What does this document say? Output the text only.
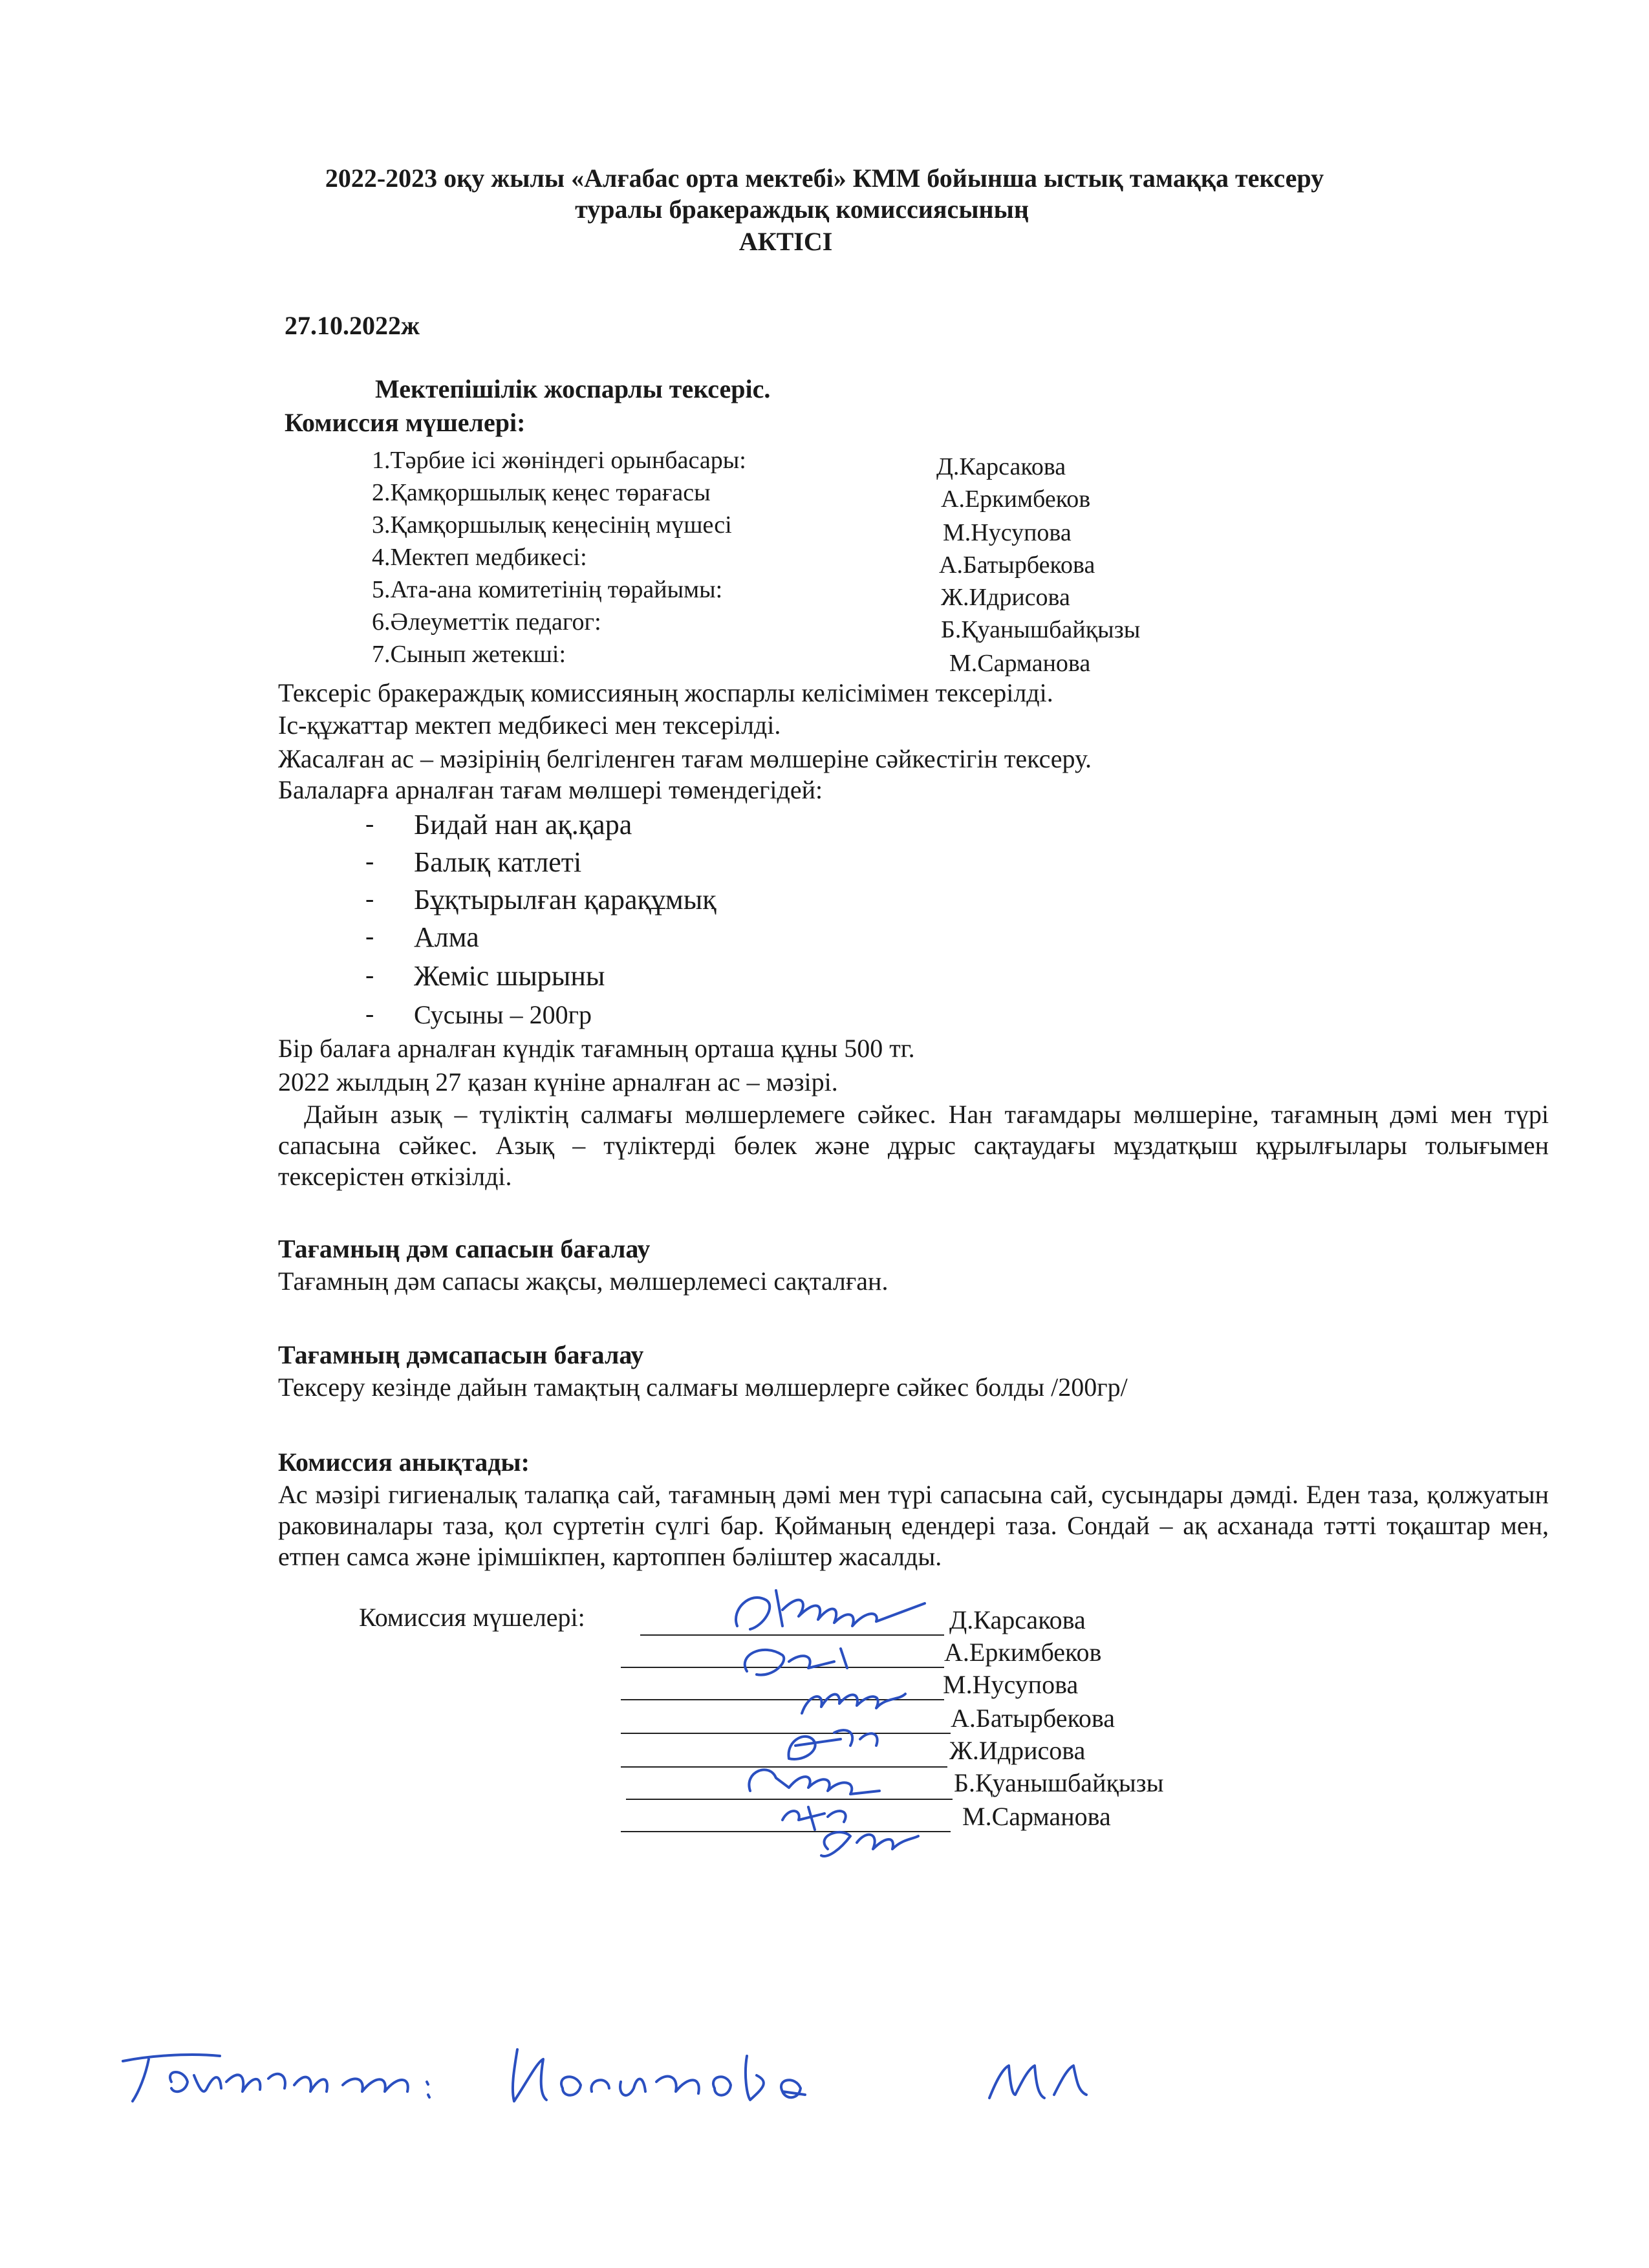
2022-2023 оқу жылы «Алғабас орта мектебі» КММ бойынша ыстық тамаққа тексеру
туралы бракераждық комиссиясының
АКТІСІ
27.10.2022ж
Мектепішілік жоспарлы тексеріс.
Комиссия мүшелері:
1.Тәрбие ісі жөніндегі орынбасары:	Д.Карсакова
2.Қамқоршылық кеңес төрағасы	А.Еркимбеков
3.Қамқоршылық кеңесінің мүшесі	М.Нусупова
4.Мектеп медбикесі:	А.Батырбекова
5.Ата-ана комитетінің төрайымы:	Ж.Идрисова
6.Әлеуметтік педагог:	Б.Қуанышбайқызы
7.Сынып жетекші:	М.Сарманова
Тексеріс бракераждық комиссияның жоспарлы келісімімен тексерілді.
Іс-құжаттар мектеп медбикесі мен тексерілді.
Жасалған ас – мәзірінің белгіленген тағам мөлшеріне сәйкестігін тексеру.
Балаларға арналған тағам мөлшері төмендегідей:
- Бидай нан ақ.қара
- Балық катлеті
- Бұқтырылған қарақұмық
- Алма
- Жеміс шырыны
- Сусыны – 200гр
Бір балаға арналған күндік тағамның орташа құны 500 тг.
2022 жылдың 27 қазан күніне арналған ас – мәзірі.
Дайын азық – түліктің салмағы мөлшерлемеге сәйкес. Нан тағамдары мөлшеріне, тағамның дәмі мен түрі сапасына сәйкес. Азық – түліктерді бөлек және дұрыс сақтаудағы мұздатқыш құрылғылары толығымен тексерістен өткізілді.
Тағамның дәм сапасын бағалау
Тағамның дәм сапасы жақсы, мөлшерлемесі сақталған.
Тағамның дәмсапасын бағалау
Тексеру кезінде дайын тамақтың салмағы мөлшерлерге сәйкес болды /200гр/
Комиссия анықтады:
Ас мәзірі гигиеналық талапқа сай, тағамның дәмі мен түрі сапасына сай, сусындары дәмді. Еден таза, қолжуатын раковиналары таза, қол сүртетін сүлгі бар. Қойманың едендері таза. Сондай – ақ асханада тәтті тоқаштар мен, етпен самса және ірімшікпен, картоппен бәліштер жасалды.
Комиссия мүшелері:	Д.Карсакова
А.Еркимбеков
М.Нусупова
А.Батырбекова
Ж.Идрисова
Б.Қуанышбайқызы
М.Сарманова
